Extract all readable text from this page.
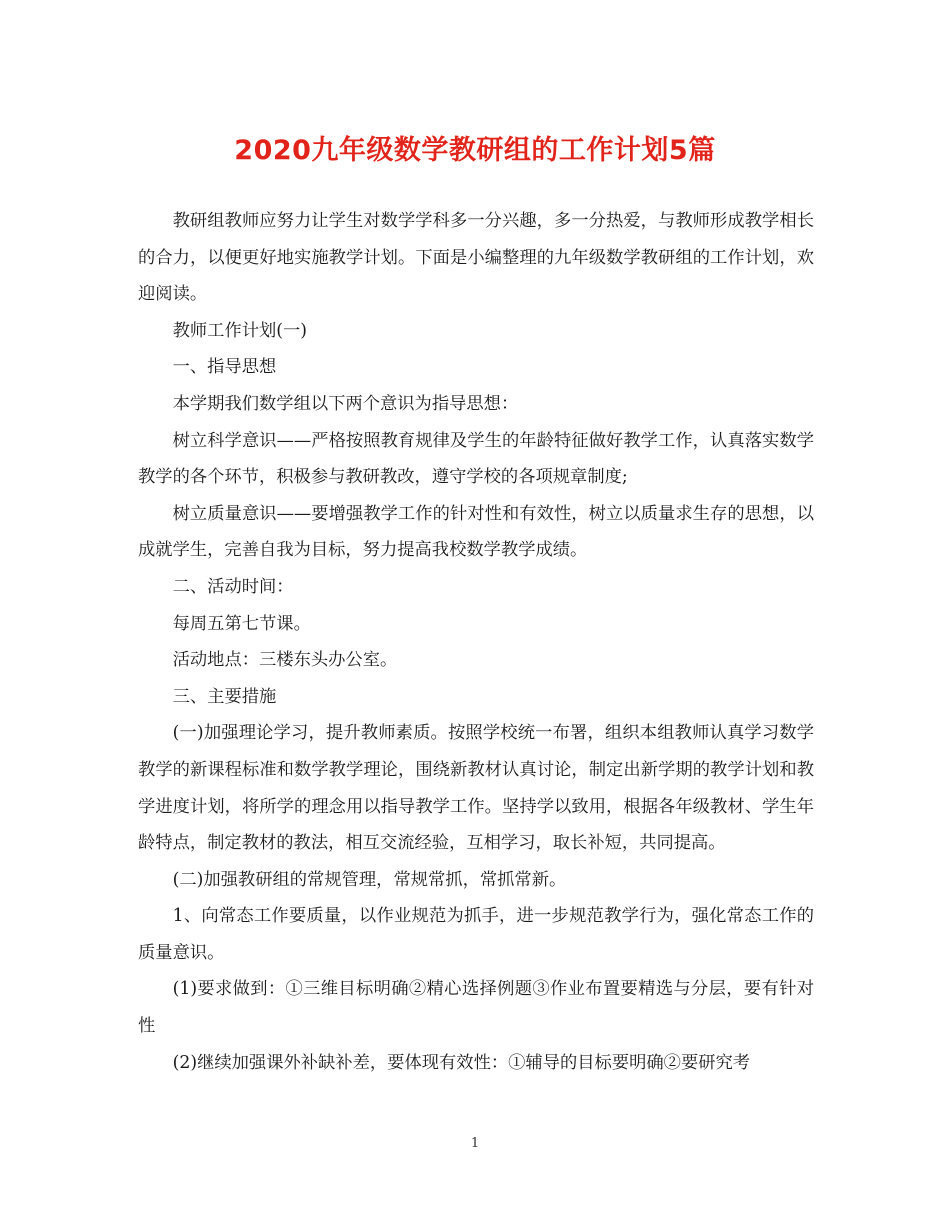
2020九年级数学教研组的工作计划5篇

教研组教师应努力让学生对数学学科多一分兴趣，多一分热爱，与教师形成教学相长的合力，以便更好地实施教学计划。下面是小编整理的九年级数学教研组的工作计划，欢迎阅读。

教师工作计划(一)

一、指导思想

本学期我们数学组以下两个意识为指导思想：

树立科学意识——严格按照教育规律及学生的年龄特征做好教学工作，认真落实数学教学的各个环节，积极参与教研教改，遵守学校的各项规章制度;

树立质量意识——要增强教学工作的针对性和有效性，树立以质量求生存的思想，以成就学生，完善自我为目标，努力提高我校数学教学成绩。

二、活动时间：

每周五第七节课。

活动地点：三楼东头办公室。

三、主要措施

(一)加强理论学习，提升教师素质。按照学校统一布署，组织本组教师认真学习数学教学的新课程标准和数学教学理论，围绕新教材认真讨论，制定出新学期的教学计划和教学进度计划，将所学的理念用以指导教学工作。坚持学以致用，根据各年级教材、学生年龄特点，制定教材的教法，相互交流经验，互相学习，取长补短，共同提高。

(二)加强教研组的常规管理，常规常抓，常抓常新。

1、向常态工作要质量，以作业规范为抓手，进一步规范教学行为，强化常态工作的质量意识。

(1)要求做到：①三维目标明确②精心选择例题③作业布置要精选与分层，要有针对性

(2)继续加强课外补缺补差，要体现有效性：①辅导的目标要明确②要研究考

1
